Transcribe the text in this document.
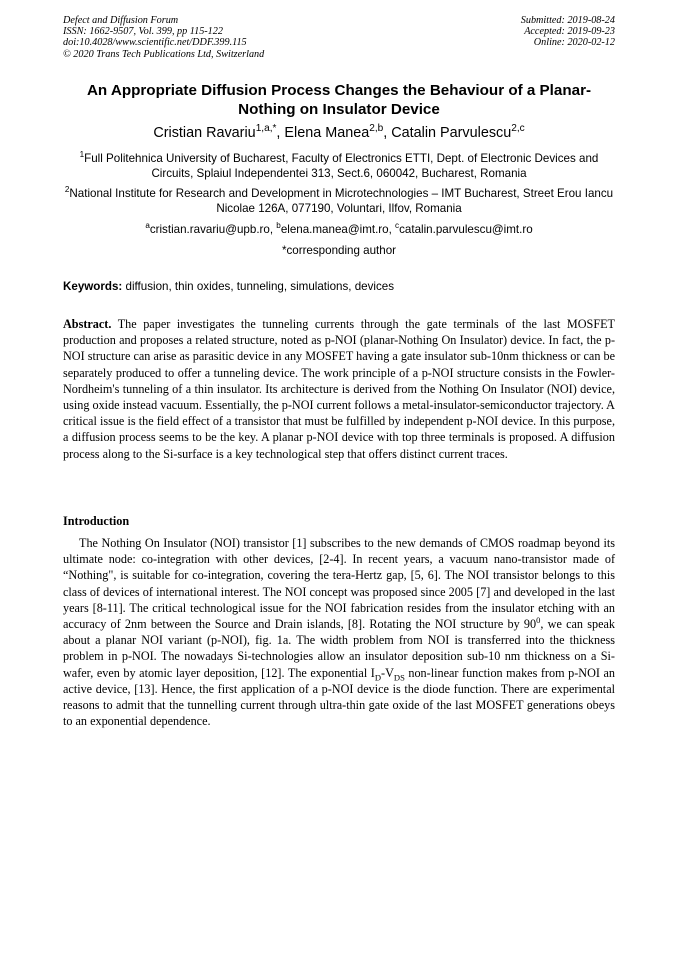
Defect and Diffusion Forum
ISSN: 1662-9507, Vol. 399, pp 115-122
doi:10.4028/www.scientific.net/DDF.399.115
© 2020 Trans Tech Publications Ltd, Switzerland
Submitted: 2019-08-24
Accepted: 2019-09-23
Online: 2020-02-12
An Appropriate Diffusion Process Changes the Behaviour of a Planar-Nothing on Insulator Device
Cristian Ravariu$^{1,a,*}$, Elena Manea$^{2,b}$, Catalin Parvulescu$^{2,c}$
$^1$Full Politehnica University of Bucharest, Faculty of Electronics ETTI, Dept. of Electronic Devices and Circuits, Splaiul Independentei 313, Sect.6, 060042, Bucharest, Romania
$^2$National Institute for Research and Development in Microtechnologies – IMT Bucharest, Street Erou Iancu Nicolae 126A, 077190, Voluntari, Ilfov, Romania
$^a$cristian.ravariu@upb.ro, $^b$elena.manea@imt.ro, $^c$catalin.parvulescu@imt.ro
*corresponding author
Keywords: diffusion, thin oxides, tunneling, simulations, devices
Abstract. The paper investigates the tunneling currents through the gate terminals of the last MOSFET production and proposes a related structure, noted as p-NOI (planar-Nothing On Insulator) device. In fact, the p-NOI structure can arise as parasitic device in any MOSFET having a gate insulator sub-10nm thickness or can be separately produced to offer a tunneling device. The work principle of a p-NOI structure consists in the Fowler-Nordheim's tunneling of a thin insulator. Its architecture is derived from the Nothing On Insulator (NOI) device, using oxide instead vacuum. Essentially, the p-NOI current follows a metal-insulator-semiconductor trajectory. A critical issue is the field effect of a transistor that must be fulfilled by independent p-NOI device. In this purpose, a diffusion process seems to be the key. A planar p-NOI device with top three terminals is proposed. A diffusion process along to the Si-surface is a key technological step that offers distinct current traces.
Introduction
The Nothing On Insulator (NOI) transistor [1] subscribes to the new demands of CMOS roadmap beyond its ultimate node: co-integration with other devices, [2-4]. In recent years, a vacuum nano-transistor made of “Nothing", is suitable for co-integration, covering the tera-Hertz gap, [5, 6]. The NOI transistor belongs to this class of devices of international interest. The NOI concept was proposed since 2005 [7] and developed in the last years [8-11]. The critical technological issue for the NOI fabrication resides from the insulator etching with an accuracy of 2nm between the Source and Drain islands, [8]. Rotating the NOI structure by $90^0$, we can speak about a planar NOI variant (p-NOI), fig. 1a. The width problem from NOI is transferred into the thickness problem in p-NOI. The nowadays Si-technologies allow an insulator deposition sub-10 nm thickness on a Si-wafer, even by atomic layer deposition, [12]. The exponential $I_D-V_{DS}$ non-linear function makes from p-NOI an active device, [13]. Hence, the first application of a p-NOI device is the diode function. There are experimental reasons to admit that the tunnelling current through ultra-thin gate oxide of the last MOSFET generations obeys to an exponential dependence.
